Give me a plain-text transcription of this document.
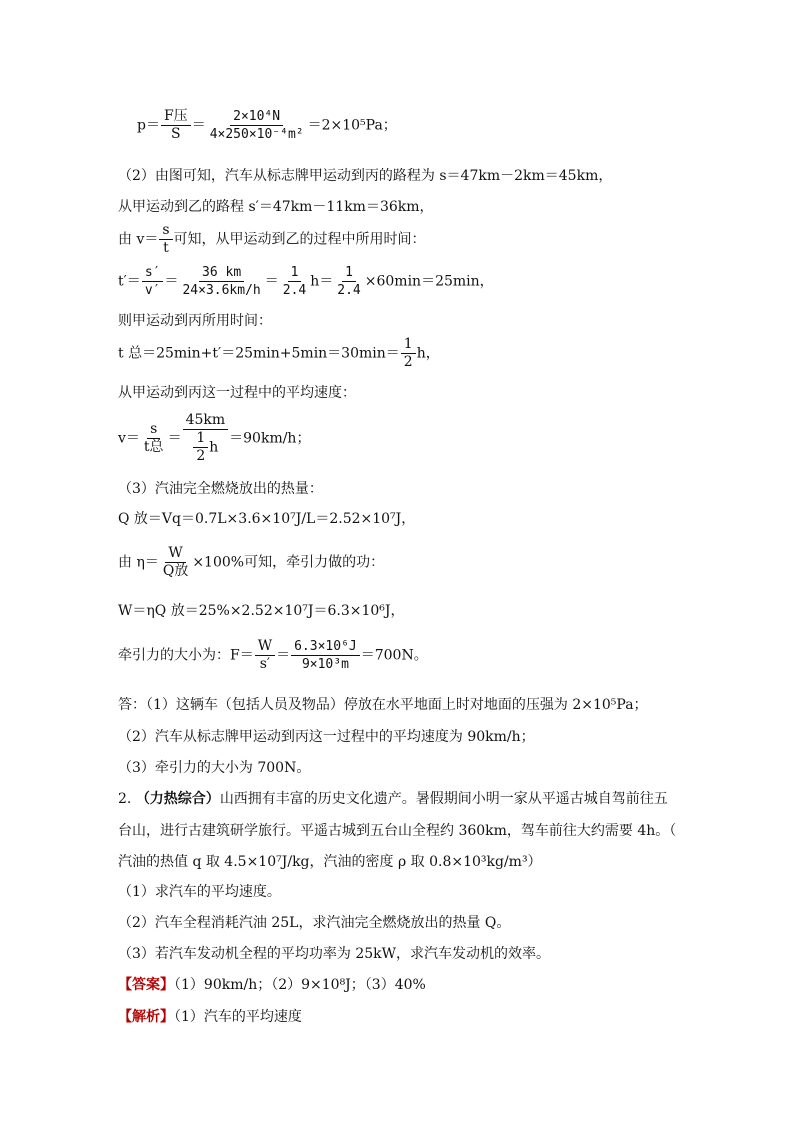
$p= \frac{\text{F压}}{S} = \frac{\text{2×10⁴N}}{\text{4×250×10⁻⁴m²}} =2\times 10^5Pa$；
（2）由图可知，汽车从标志牌甲运动到丙的路程为 s＝47km－2km＝45km，
从甲运动到乙的路程 s′＝47km－11km＝36km，
由 $v= \frac{s}{t}$ 可知，从甲运动到乙的过程中所用时间：
$t'= \frac{s'}{v'} = \frac{36 km}{24\times 3.6km/h} = \frac{1}{2.4} h= \frac{1}{2.4} \times 60\min=25\min$，
则甲运动到丙所用时间：
t 总$=25\min+t'=25\min+5\min=30\min= \frac{1}{2}$ h，
从甲运动到丙这一过程中的平均速度：
$v= \frac{s}{\text{t总}} = \frac{45km}{\frac{1}{2} h} =90km/h$；
（3）汽油完全燃烧放出的热量：
Q 放＝Vq＝0.7L×3.6×10⁷J/L＝2.52×10⁷J，
由 $\eta= \frac{W}{\text{Q放}} \times 100\%$可知，牵引力做的功：
W＝ηQ 放＝25%×2.52×10⁷J＝6.3×10⁶J，
牵引力的大小为：$F= \frac{W}{s'} = \frac{\text{6.3×10⁶J}}{\text{9×10³m}} =700N$。
答：（1）这辆车（包括人员及物品）停放在水平地面上时对地面的压强为 2×10⁵Pa；
（2）汽车从标志牌甲运动到丙这一过程中的平均速度为 90km/h；
（3）牵引力的大小为 700N。
2. （力热综合）山西拥有丰富的历史文化遗产。暑假期间小明一家从平遥古城自驾前往五
台山，进行古建筑研学旅行。平遥古城到五台山全程约 360km，驾车前往大约需要 4h。（
汽油的热值 q 取 4.5×10⁷J/kg，汽油的密度 ρ 取 0.8×10³kg/m³）
（1）求汽车的平均速度。
（2）汽车全程消耗汽油 25L，求汽油完全燃烧放出的热量 Q。
（3）若汽车发动机全程的平均功率为 25kW，求汽车发动机的效率。
【答案】（1）90km/h；（2）9×10⁸J；（3）40%
【解析】（1）汽车的平均速度
